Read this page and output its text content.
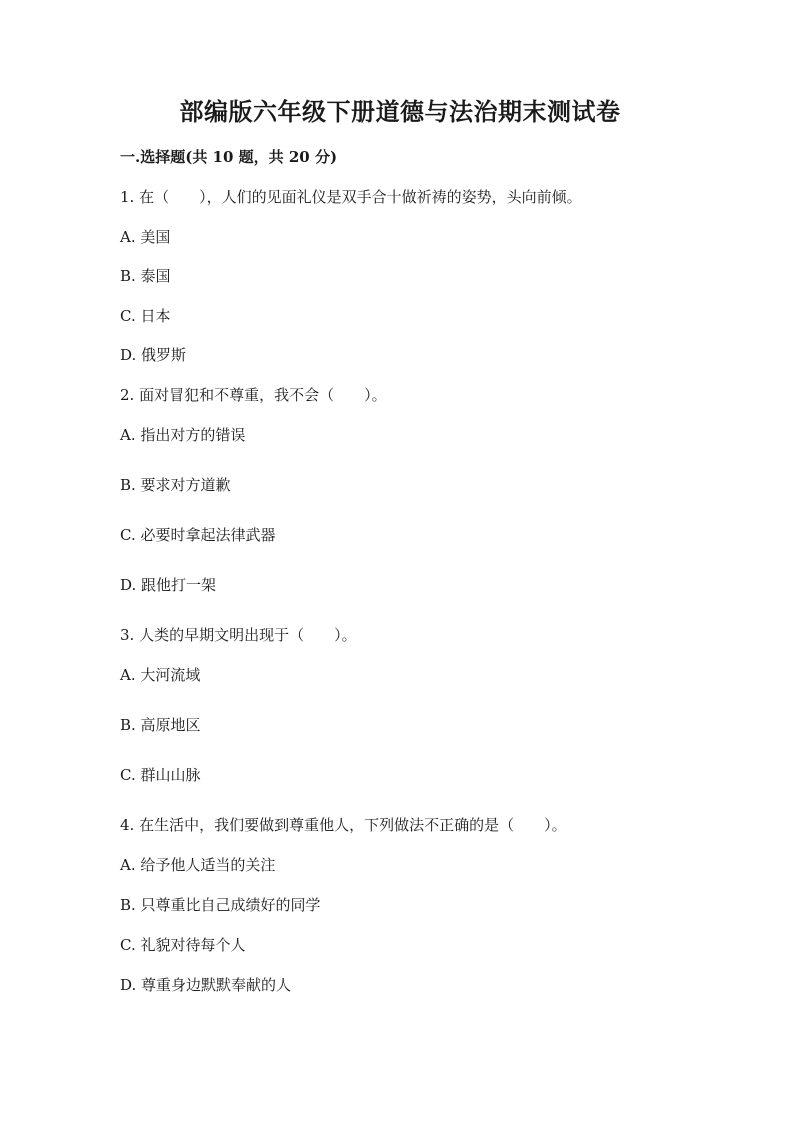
部编版六年级下册道德与法治期末测试卷
一.选择题(共 10 题，共 20 分)
1. 在（　　），人们的见面礼仪是双手合十做祈祷的姿势，头向前倾。
A. 美国
B. 泰国
C. 日本
D. 俄罗斯
2. 面对冒犯和不尊重，我不会（　　）。
A. 指出对方的错误
B. 要求对方道歉
C. 必要时拿起法律武器
D. 跟他打一架
3. 人类的早期文明出现于（　　）。
A. 大河流域
B. 高原地区
C. 群山山脉
4. 在生活中，我们要做到尊重他人，下列做法不正确的是（　　）。
A. 给予他人适当的关注
B. 只尊重比自己成绩好的同学
C. 礼貌对待每个人
D. 尊重身边默默奉献的人
